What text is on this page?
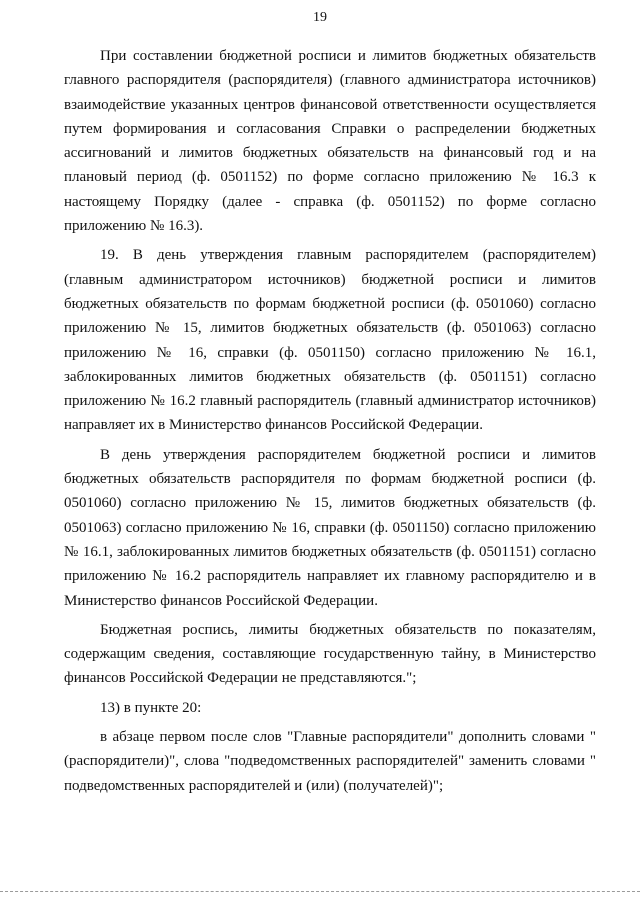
19

При составлении бюджетной росписи и лимитов бюджетных обязательств главного распорядителя (распорядителя) (главного администратора источников) взаимодействие указанных центров финансовой ответственности осуществляется путем формирования и согласования Справки о распределении бюджетных ассигнований и лимитов бюджетных обязательств на финансовый год и на плановый период (ф. 0501152) по форме согласно приложению № 16.3 к настоящему Порядку (далее - справка (ф. 0501152) по форме согласно приложению № 16.3).

19. В день утверждения главным распорядителем (распорядителем) (главным администратором источников) бюджетной росписи и лимитов бюджетных обязательств по формам бюджетной росписи (ф. 0501060) согласно приложению № 15, лимитов бюджетных обязательств (ф. 0501063) согласно приложению № 16, справки (ф. 0501150) согласно приложению № 16.1, заблокированных лимитов бюджетных обязательств (ф. 0501151) согласно приложению № 16.2 главный распорядитель (главный администратор источников) направляет их в Министерство финансов Российской Федерации.

В день утверждения распорядителем бюджетной росписи и лимитов бюджетных обязательств распорядителя по формам бюджетной росписи (ф. 0501060) согласно приложению № 15, лимитов бюджетных обязательств (ф. 0501063) согласно приложению № 16, справки (ф. 0501150) согласно приложению № 16.1, заблокированных лимитов бюджетных обязательств (ф. 0501151) согласно приложению № 16.2 распорядитель направляет их главному распорядителю и в Министерство финансов Российской Федерации.

Бюджетная роспись, лимиты бюджетных обязательств по показателям, содержащим сведения, составляющие государственную тайну, в Министерство финансов Российской Федерации не представляются.";

13) в пункте 20:

в абзаце первом после слов "Главные распорядители" дополнить словами "(распорядители)", слова "подведомственных распорядителей" заменить словами " подведомственных распорядителей и (или) (получателей)";
